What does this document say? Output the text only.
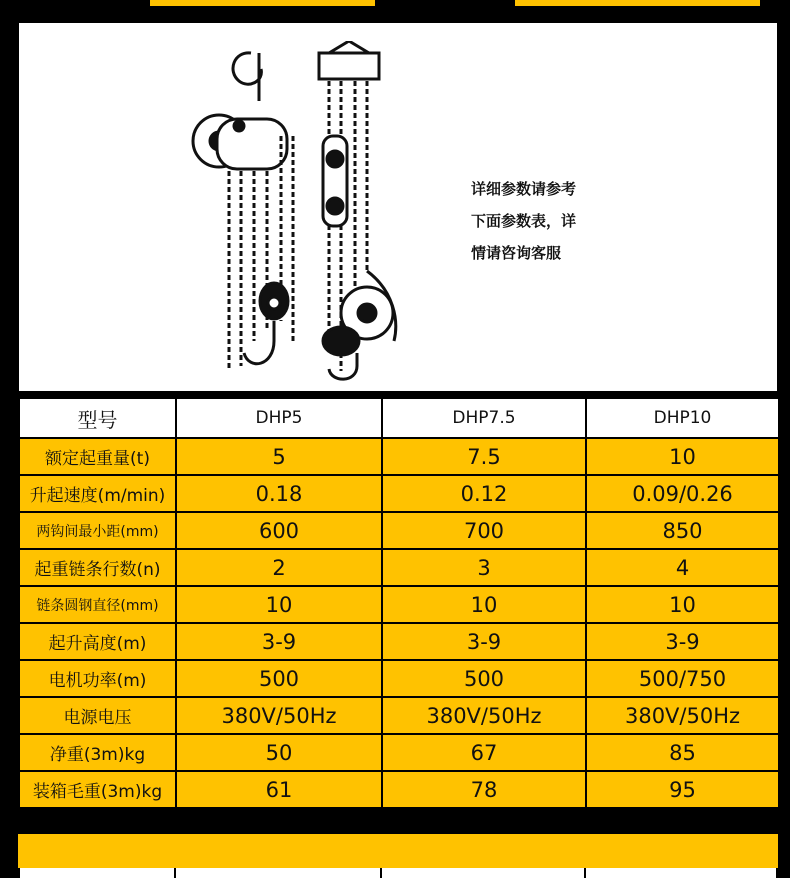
详细参数请参考
下面参数表，详
情请咨询客服
型号	DHP5	DHP7.5	DHP10
额定起重量(t)	5	7.5	10
升起速度(m/min)	0.18	0.12	0.09/0.26
两钩间最小距(mm)	600	700	850
起重链条行数(n)	2	3	4
链条圆钢直径(mm)	10	10	10
起升高度(m)	3-9	3-9	3-9
电机功率(m)	500	500	500/750
电源电压	380V/50Hz	380V/50Hz	380V/50Hz
净重(3m)kg	50	67	85
装箱毛重(3m)kg	61	78	95
